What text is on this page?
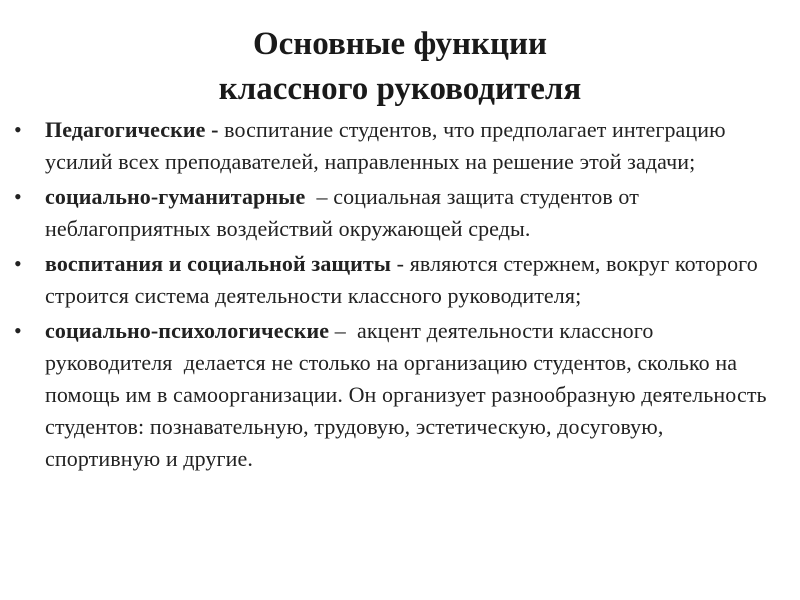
Основные функции
классного руководителя
•	Педагогические - воспитание студентов, что предполагает интеграцию усилий всех преподавателей, направленных на решение этой задачи;
•	социально-гуманитарные  – социальная защита студентов от неблагоприятных воздействий окружающей среды.
•	воспитания и социальной защиты - являются стержнем, вокруг которого строится система деятельности классного руководителя;
•	социально-психологические –  акцент деятельности классного руководителя  делается не столько на организацию студентов, сколько на помощь им в самоорганизации. Он организует разнообразную деятельность студентов: познавательную, трудовую, эстетическую, досуговую, спортивную и другие.
